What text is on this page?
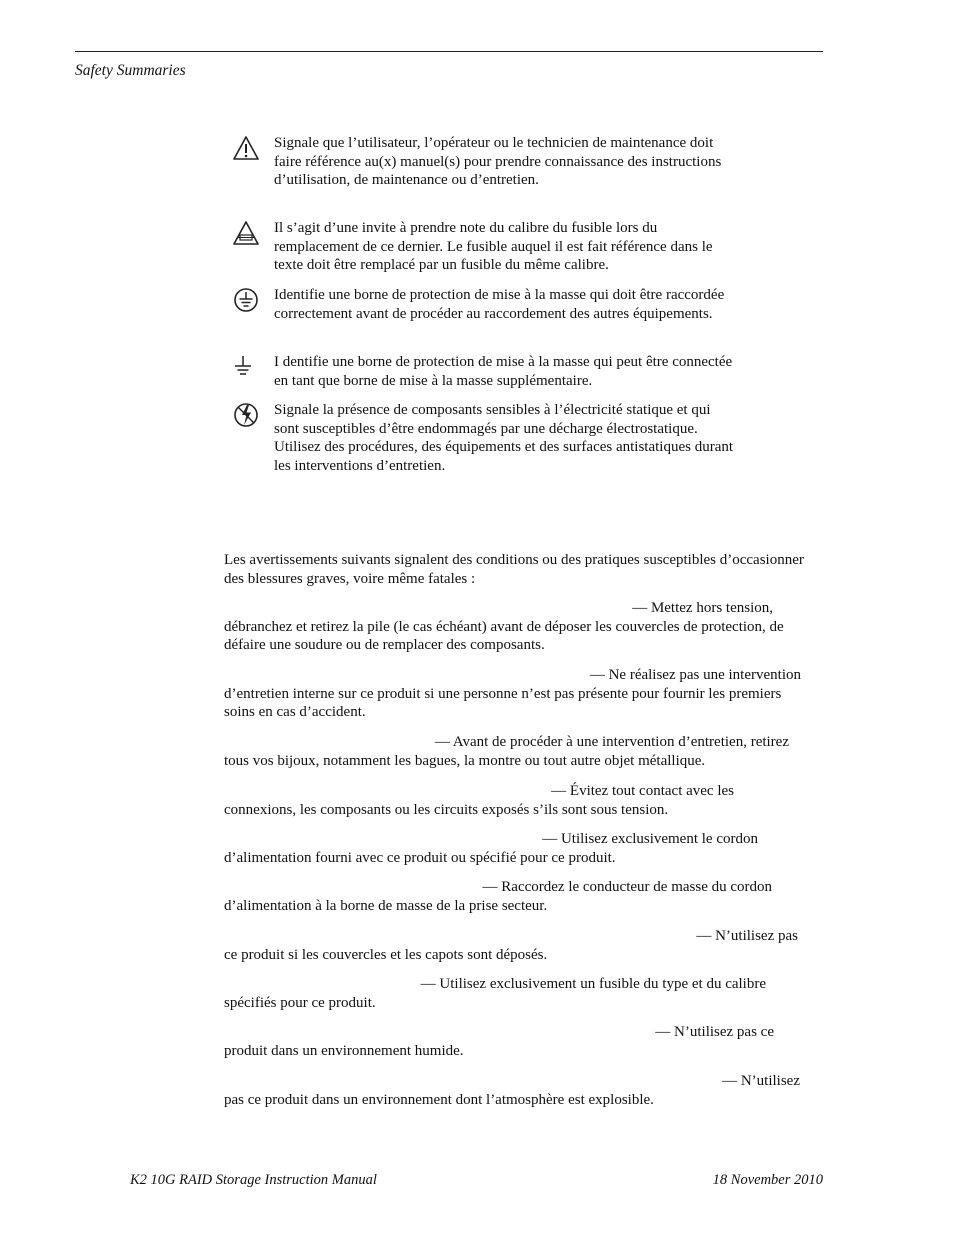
Safety Summaries
Signale que l’utilisateur, l’opérateur ou le technicien de maintenance doit faire référence au(x) manuel(s) pour prendre connaissance des instructions d’utilisation, de maintenance ou d’entretien.
Il s’agit d’une invite à prendre note du calibre du fusible lors du remplacement de ce dernier. Le fusible auquel il est fait référence dans le texte doit être remplacé par un fusible du même calibre.
Identifie une borne de protection de mise à la masse qui doit être raccordée correctement avant de procéder au raccordement des autres équipements.
I dentifie une borne de protection de mise à la masse qui peut être connectée en tant que borne de mise à la masse supplémentaire.
Signale la présence de composants sensibles à l’électricité statique et qui sont susceptibles d’être endommagés par une décharge électrostatique. Utilisez des procédures, des équipements et des surfaces antistatiques durant les interventions d’entretien.
Les avertissements suivants signalent des conditions ou des pratiques susceptibles d’occasionner des blessures graves, voire même fatales :
— Mettez hors tension,
débranchez et retirez la pile (le cas échéant) avant de déposer les couvercles de protection, de défaire une soudure ou de remplacer des composants.
— Ne réalisez pas une intervention
d’entretien interne sur ce produit si une personne n’est pas présente pour fournir les premiers soins en cas d’accident.
— Avant de procéder à une intervention d’entretien, retirez
tous vos bijoux, notamment les bagues, la montre ou tout autre objet métallique.
— Évitez tout contact avec les
connexions, les composants ou les circuits exposés s’ils sont sous tension.
— Utilisez exclusivement le cordon
d’alimentation fourni avec ce produit ou spécifié pour ce produit.
— Raccordez le conducteur de masse du cordon
d’alimentation à la borne de masse de la prise secteur.
— N’utilisez pas
ce produit si les couvercles et les capots sont déposés.
— Utilisez exclusivement un fusible du type et du calibre
spécifiés pour ce produit.
— N’utilisez pas ce
produit dans un environnement humide.
— N’utilisez
pas ce produit dans un environnement dont l’atmosphère est explosible.
K2 10G RAID Storage Instruction Manual	18 November 2010
